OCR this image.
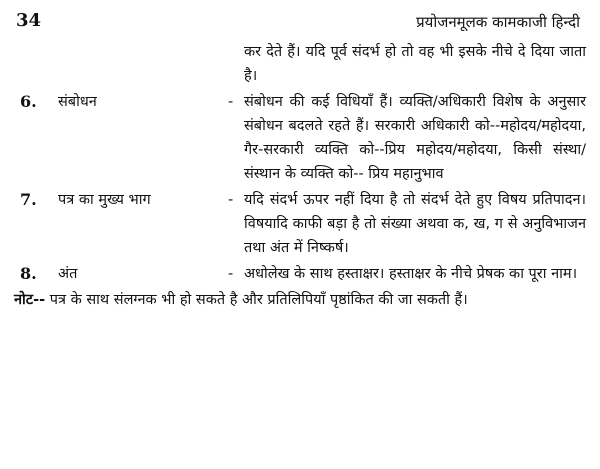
34	प्रयोजनमूलक कामकाजी हिन्दी
कर देते हैं। यदि पूर्व संदर्भ हो तो वह भी इसके नीचे दे दिया जाता है।
6. संबोधन	- संबोधन की कई विधियाँ हैं। व्यक्ति/अधिकारी विशेष के अनुसार संबोधन बदलते रहते हैं। सरकारी अधिकारी को--महोदय/महोदया, गैर-सरकारी व्यक्ति को--प्रिय महोदय/महोदया, किसी संस्था/संस्थान के व्यक्ति को-- प्रिय महानुभाव
7. पत्र का मुख्य भाग	- यदि संदर्भ ऊपर नहीं दिया है तो संदर्भ देते हुए विषय प्रतिपादन। विषयादि काफी बड़ा है तो संख्या अथवा क, ख, ग से अनुविभाजन तथा अंत में निष्कर्ष।
8. अंत	- अधोलेख के साथ हस्ताक्षर। हस्ताक्षर के नीचे प्रेषक का पूरा नाम।
नोट-- पत्र के साथ संलग्नक भी हो सकते है और प्रतिलिपियाँ पृष्ठांकित की जा सकती हैं।
